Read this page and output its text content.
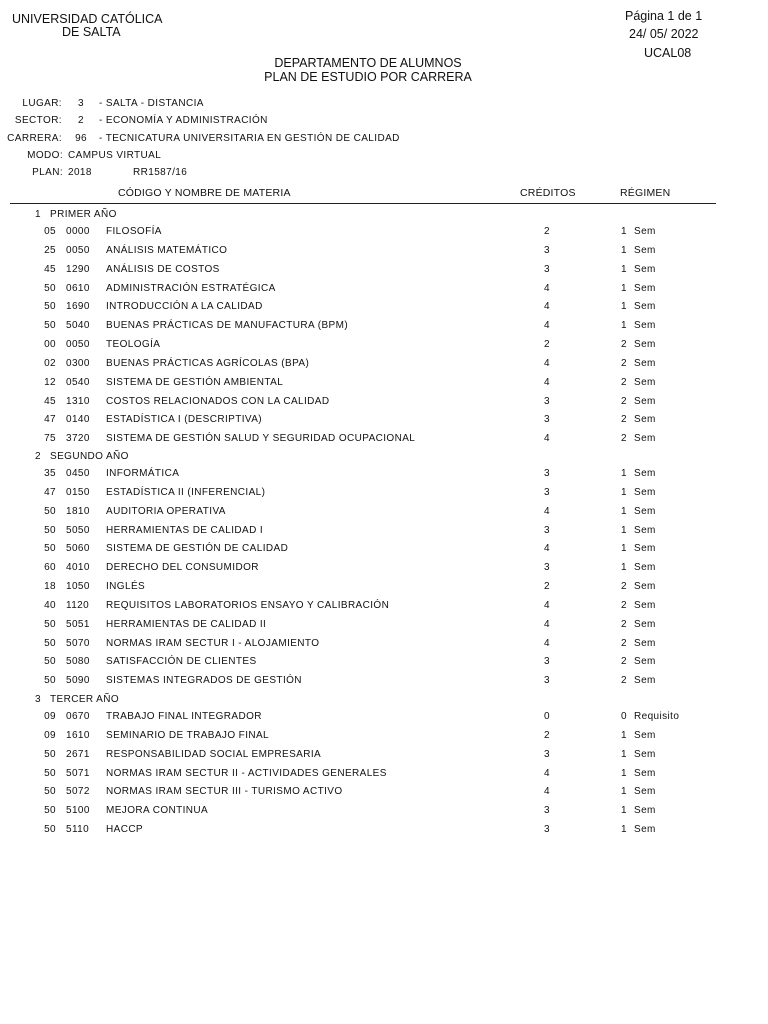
UNIVERSIDAD CATÓLICA
DE SALTA
Página 1 de 1
24/ 05/ 2022
UCAL08
DEPARTAMENTO DE ALUMNOS
PLAN DE ESTUDIO POR CARRERA
LUGAR:	3 - SALTA - DISTANCIA
SECTOR:	2 - ECONOMÍA Y ADMINISTRACIÓN
CARRERA:	96 - TECNICATURA UNIVERSITARIA EN GESTIÓN DE CALIDAD
MODO: CAMPUS VIRTUAL
PLAN: 2018	RR1587/16
CÓDIGO Y NOMBRE DE MATERIA	CRÉDITOS	RÉGIMEN
1 PRIMER AÑO
05 0000 FILOSOFÍA	2	1 Sem
25 0050 ANÁLISIS MATEMÁTICO	3	1 Sem
45 1290 ANÁLISIS DE COSTOS	3	1 Sem
50 0610 ADMINISTRACIÓN ESTRATÉGICA	4	1 Sem
50 1690 INTRODUCCIÓN A LA CALIDAD	4	1 Sem
50 5040 BUENAS PRÁCTICAS DE MANUFACTURA (BPM)	4	1 Sem
00 0050 TEOLOGÍA	2	2 Sem
02 0300 BUENAS PRÁCTICAS AGRÍCOLAS (BPA)	4	2 Sem
12 0540 SISTEMA DE GESTIÓN AMBIENTAL	4	2 Sem
45 1310 COSTOS RELACIONADOS CON LA CALIDAD	3	2 Sem
47 0140 ESTADÍSTICA I (DESCRIPTIVA)	3	2 Sem
75 3720 SISTEMA DE GESTIÓN SALUD Y SEGURIDAD OCUPACIONAL	4	2 Sem
2 SEGUNDO AÑO
35 0450 INFORMÁTICA	3	1 Sem
47 0150 ESTADÍSTICA II (INFERENCIAL)	3	1 Sem
50 1810 AUDITORIA OPERATIVA	4	1 Sem
50 5050 HERRAMIENTAS DE CALIDAD I	3	1 Sem
50 5060 SISTEMA DE GESTIÓN DE CALIDAD	4	1 Sem
60 4010 DERECHO DEL CONSUMIDOR	3	1 Sem
18 1050 INGLÉS	2	2 Sem
40 1120 REQUISITOS LABORATORIOS ENSAYO Y CALIBRACIÓN	4	2 Sem
50 5051 HERRAMIENTAS DE CALIDAD II	4	2 Sem
50 5070 NORMAS IRAM SECTUR I - ALOJAMIENTO	4	2 Sem
50 5080 SATISFACCIÓN DE CLIENTES	3	2 Sem
50 5090 SISTEMAS INTEGRADOS DE GESTIÓN	3	2 Sem
3 TERCER AÑO
09 0670 TRABAJO FINAL INTEGRADOR	0	0 Requisito
09 1610 SEMINARIO DE TRABAJO FINAL	2	1 Sem
50 2671 RESPONSABILIDAD SOCIAL EMPRESARIA	3	1 Sem
50 5071 NORMAS IRAM SECTUR II - ACTIVIDADES GENERALES	4	1 Sem
50 5072 NORMAS IRAM SECTUR III - TURISMO ACTIVO	4	1 Sem
50 5100 MEJORA CONTINUA	3	1 Sem
50 5110 HACCP	3	1 Sem
